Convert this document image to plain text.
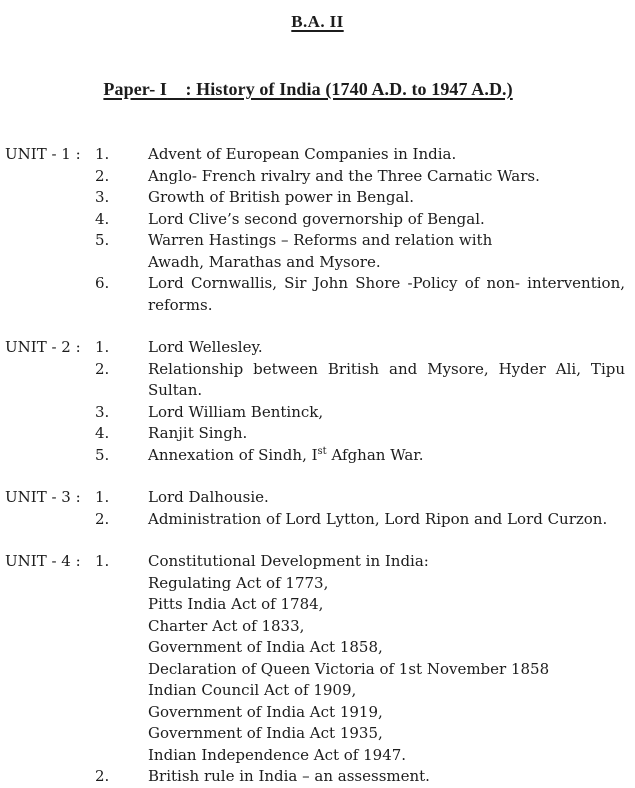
B.A. II

Paper- I : History of India (1740 A.D. to 1947 A.D.)

UNIT - 1 : 1.	Advent of European Companies in India.
2.	Anglo- French rivalry and the Three Carnatic Wars.
3.	Growth of British power in Bengal.
4.	Lord Clive’s second governorship of Bengal.
5.	Warren Hastings – Reforms and relation with
Awadh, Marathas and Mysore.
6.	Lord Cornwallis, Sir John Shore -Policy of non- intervention,
reforms.
UNIT - 2 : 1.	Lord Wellesley.
2.	Relationship between British and Mysore, Hyder Ali, Tipu
Sultan.
3.	Lord William Bentinck,
4.	Ranjit Singh.
5.	Annexation of Sindh, Ist Afghan War.
UNIT - 3 : 1.	Lord Dalhousie.
2.	Administration of Lord Lytton, Lord Ripon and Lord Curzon.
UNIT - 4 : 1.	Constitutional Development in India:
Regulating Act of 1773,
Pitts India Act of 1784,
Charter Act of 1833,
Government of India Act 1858,
Declaration of Queen Victoria of 1st November 1858
Indian Council Act of 1909,
Government of India Act 1919,
Government of India Act 1935,
Indian Independence Act of 1947.
2.	British rule in India – an assessment.
